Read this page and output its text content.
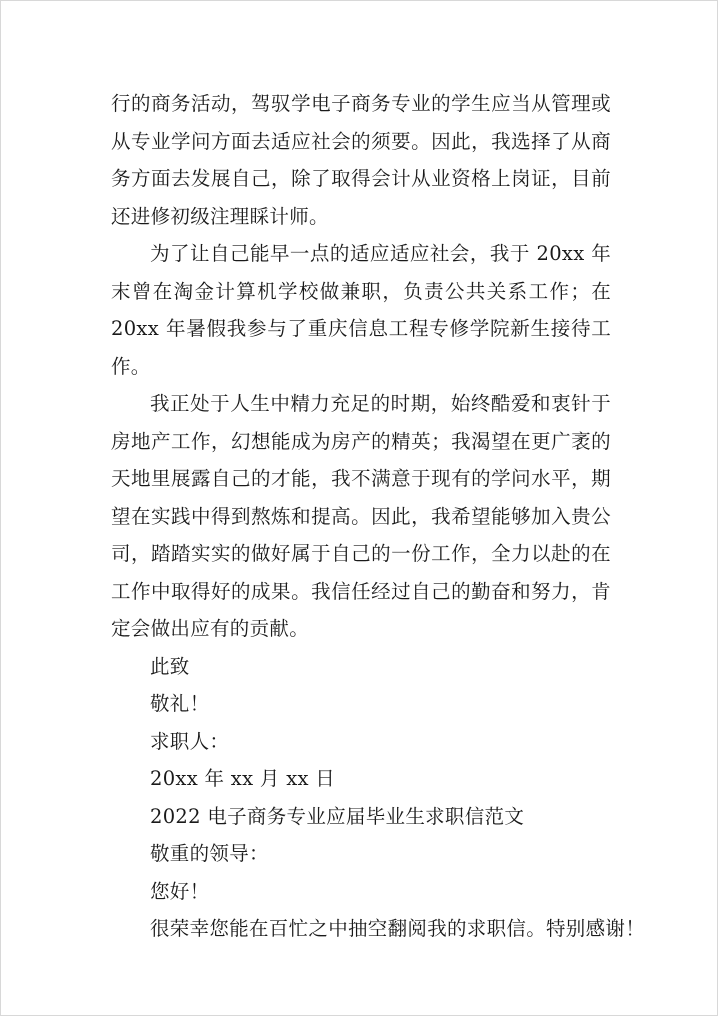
行的商务活动，驾驭学电子商务专业的学生应当从管理或从专业学问方面去适应社会的须要。因此，我选择了从商务方面去发展自己，除了取得会计从业资格上岗证，目前还进修初级注理睬计师。

为了让自己能早一点的适应适应社会，我于 20xx 年末曾在淘金计算机学校做兼职，负责公共关系工作；在 20xx 年暑假我参与了重庆信息工程专修学院新生接待工作。

我正处于人生中精力充足的时期，始终酷爱和衷针于房地产工作，幻想能成为房产的精英；我渴望在更广袤的天地里展露自己的才能，我不满意于现有的学问水平，期望在实践中得到熬炼和提高。因此，我希望能够加入贵公司，踏踏实实的做好属于自己的一份工作，全力以赴的在工作中取得好的成果。我信任经过自己的勤奋和努力，肯定会做出应有的贡献。

此致

敬礼！

求职人：

20xx 年 xx 月 xx 日

2022 电子商务专业应届毕业生求职信范文

敬重的领导：

您好！

很荣幸您能在百忙之中抽空翻阅我的求职信。特别感谢！
